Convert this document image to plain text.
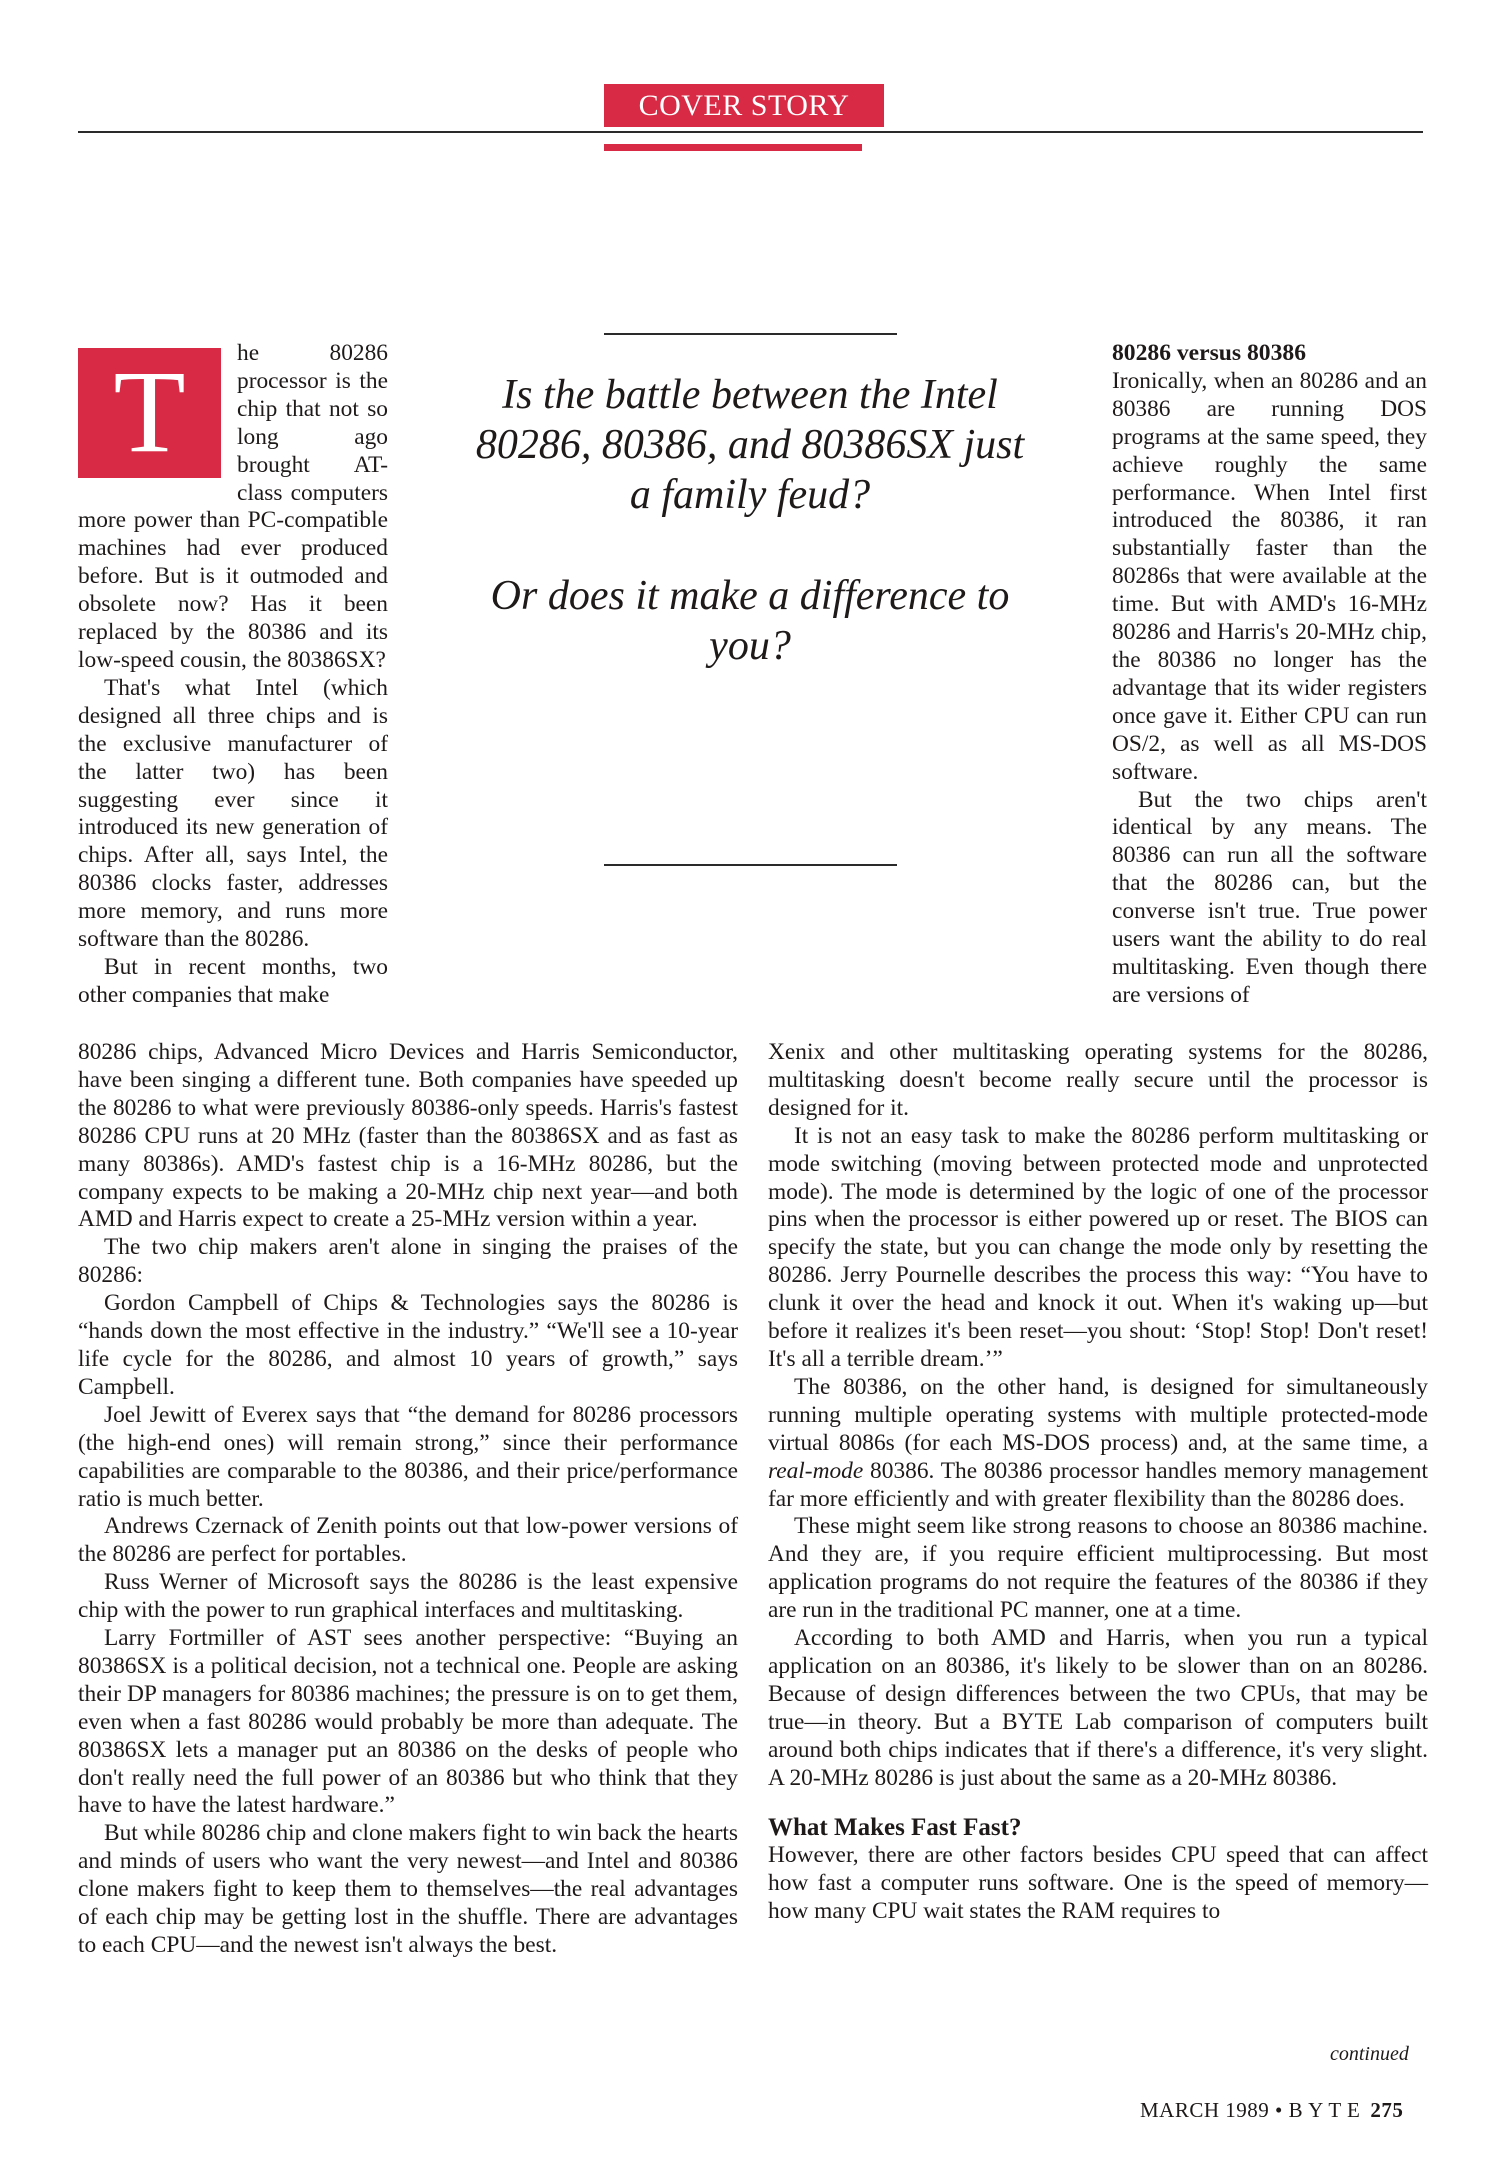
COVER STORY

Is the battle between the Intel 80286, 80386, and 80386SX just a family feud?

Or does it make a difference to you?

T	he 80286 processor is the chip that not so long ago brought AT-class computers more power than PC-compatible machines had ever produced before. But is it outmoded and obsolete now? Has it been replaced by the 80386 and its low-speed cousin, the 80386SX?

That's what Intel (which designed all three chips and is the exclusive manufacturer of the latter two) has been suggesting ever since it introduced its new generation of chips. After all, says Intel, the 80386 clocks faster, addresses more memory, and runs more software than the 80286.

But in recent months, two other companies that make

80286 chips, Advanced Micro Devices and Harris Semiconductor, have been singing a different tune. Both companies have speeded up the 80286 to what were previously 80386-only speeds. Harris's fastest 80286 CPU runs at 20 MHz (faster than the 80386SX and as fast as many 80386s). AMD's fastest chip is a 16-MHz 80286, but the company expects to be making a 20-MHz chip next year—and both AMD and Harris expect to create a 25-MHz version within a year.

The two chip makers aren't alone in singing the praises of the 80286:

Gordon Campbell of Chips & Technologies says the 80286 is “hands down the most effective in the industry.” “We'll see a 10-year life cycle for the 80286, and almost 10 years of growth,” says Campbell.

Joel Jewitt of Everex says that “the demand for 80286 processors (the high-end ones) will remain strong,” since their performance capabilities are comparable to the 80386, and their price/performance ratio is much better.

Andrews Czernack of Zenith points out that low-power versions of the 80286 are perfect for portables.

Russ Werner of Microsoft says the 80286 is the least expensive chip with the power to run graphical interfaces and multitasking.

Larry Fortmiller of AST sees another perspective: “Buying an 80386SX is a political decision, not a technical one. People are asking their DP managers for 80386 machines; the pressure is on to get them, even when a fast 80286 would probably be more than adequate. The 80386SX lets a manager put an 80386 on the desks of people who don't really need the full power of an 80386 but who think that they have to have the latest hardware.”

But while 80286 chip and clone makers fight to win back the hearts and minds of users who want the very newest—and Intel and 80386 clone makers fight to keep them to themselves—the real advantages of each chip may be getting lost in the shuffle. There are advantages to each CPU—and the newest isn't always the best.

80286 versus 80386

Ironically, when an 80286 and an 80386 are running DOS programs at the same speed, they achieve roughly the same performance. When Intel first introduced the 80386, it ran substantially faster than the 80286s that were available at the time. But with AMD's 16-MHz 80286 and Harris's 20-MHz chip, the 80386 no longer has the advantage that its wider registers once gave it. Either CPU can run OS/2, as well as all MS-DOS software.

But the two chips aren't identical by any means. The 80386 can run all the software that the 80286 can, but the converse isn't true. True power users want the ability to do real multitasking. Even though there are versions of

Xenix and other multitasking operating systems for the 80286, multitasking doesn't become really secure until the processor is designed for it.

It is not an easy task to make the 80286 perform multitasking or mode switching (moving between protected mode and unprotected mode). The mode is determined by the logic of one of the processor pins when the processor is either powered up or reset. The BIOS can specify the state, but you can change the mode only by resetting the 80286. Jerry Pournelle describes the process this way: “You have to clunk it over the head and knock it out. When it's waking up—but before it realizes it's been reset—you shout: ‘Stop! Stop! Don't reset! It's all a terrible dream.’”

The 80386, on the other hand, is designed for simultaneously running multiple operating systems with multiple protected-mode virtual 8086s (for each MS-DOS process) and, at the same time, a real-mode 80386. The 80386 processor handles memory management far more efficiently and with greater flexibility than the 80286 does.

These might seem like strong reasons to choose an 80386 machine. And they are, if you require efficient multiprocessing. But most application programs do not require the features of the 80386 if they are run in the traditional PC manner, one at a time.

According to both AMD and Harris, when you run a typical application on an 80386, it's likely to be slower than on an 80286. Because of design differences between the two CPUs, that may be true—in theory. But a BYTE Lab comparison of computers built around both chips indicates that if there's a difference, it's very slight. A 20-MHz 80286 is just about the same as a 20-MHz 80386.

What Makes Fast Fast?

However, there are other factors besides CPU speed that can affect how fast a computer runs software. One is the speed of memory—how many CPU wait states the RAM requires to

continued
MARCH 1989 • B Y T E 275
